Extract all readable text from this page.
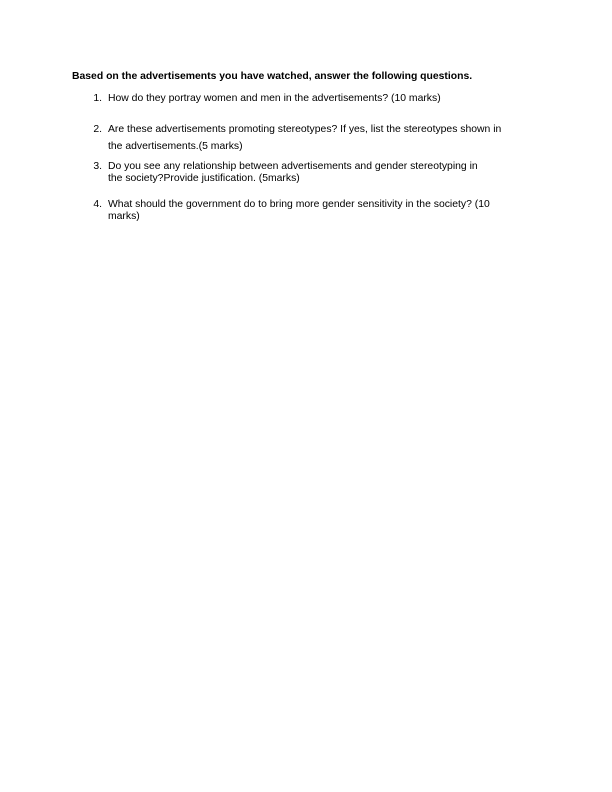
Based on the advertisements you have watched, answer the following questions.
1. How do they portray women and men in the advertisements? (10 marks)
2. Are these advertisements promoting stereotypes? If yes, list the stereotypes shown in
the advertisements.(5 marks)
3. Do you see any relationship between advertisements and gender stereotyping in
the society?Provide justification. (5marks)
4. What should the government do to bring more gender sensitivity in the society? (10
marks)
